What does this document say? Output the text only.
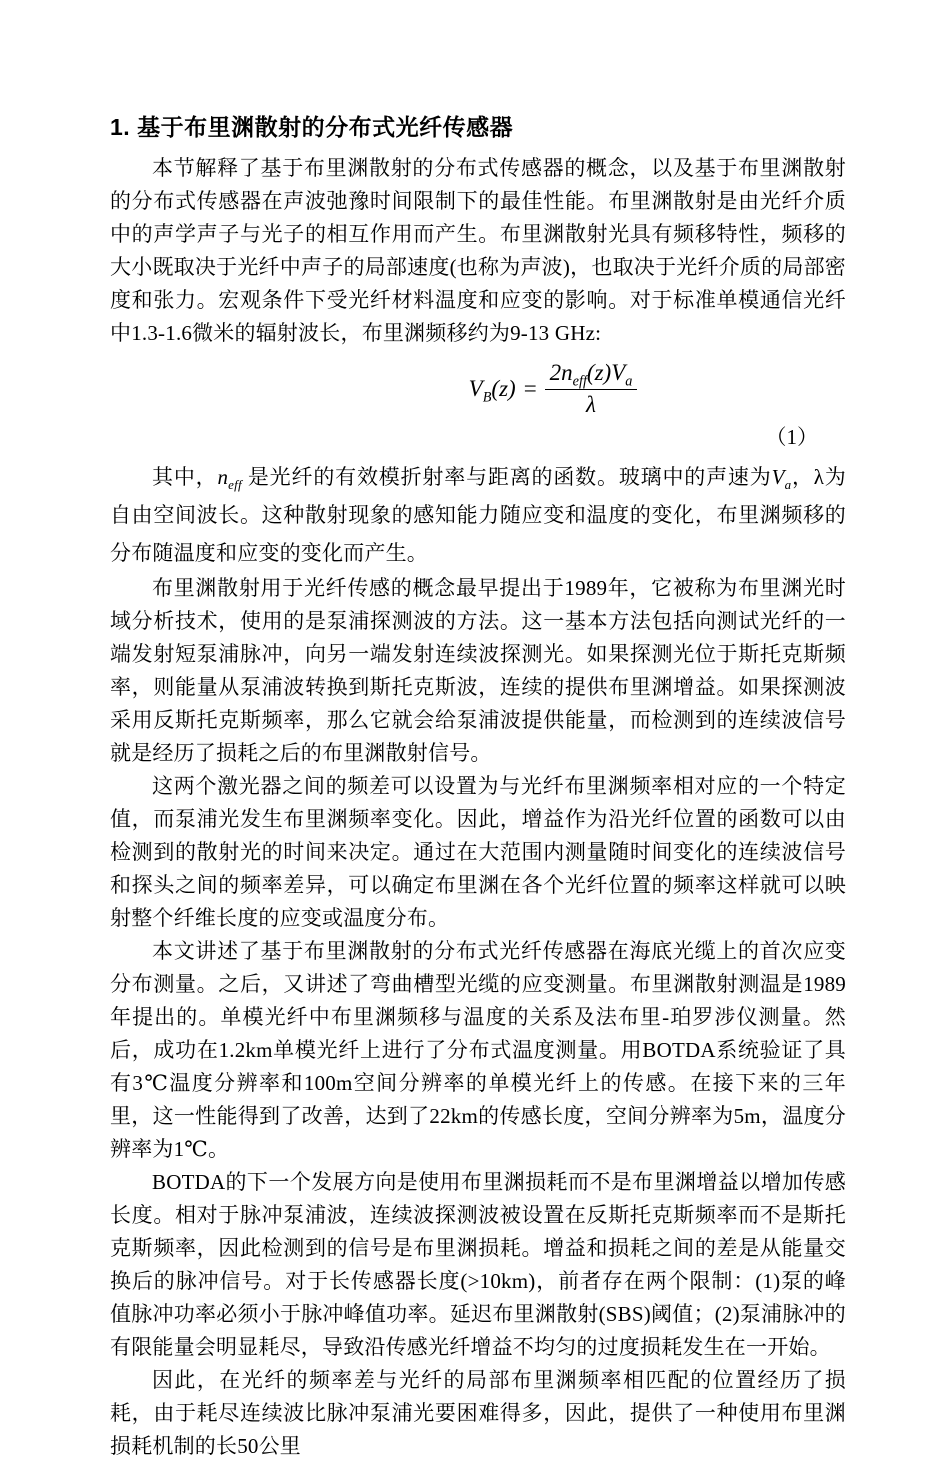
1. 基于布里渊散射的分布式光纤传感器

本节解释了基于布里渊散射的分布式传感器的概念，以及基于布里渊散射的分布式传感器在声波弛豫时间限制下的最佳性能。布里渊散射是由光纤介质中的声学声子与光子的相互作用而产生。布里渊散射光具有频移特性，频移的大小既取决于光纤中声子的局部速度(也称为声波)，也取决于光纤介质的局部密度和张力。宏观条件下受光纤材料温度和应变的影响。对于标准单模通信光纤中1.3-1.6微米的辐射波长，布里渊频移约为9-13 GHz:

$V_B(z) = \frac{2n_{eff}(z)V_a}{\lambda}$
（1）

其中，$n_{eff}$ 是光纤的有效模折射率与距离的函数。玻璃中的声速为$V_a$，λ为自由空间波长。这种散射现象的感知能力随应变和温度的变化，布里渊频移的分布随温度和应变的变化而产生。

布里渊散射用于光纤传感的概念最早提出于1989年，它被称为布里渊光时域分析技术，使用的是泵浦探测波的方法。这一基本方法包括向测试光纤的一端发射短泵浦脉冲，向另一端发射连续波探测光。如果探测光位于斯托克斯频率，则能量从泵浦波转换到斯托克斯波，连续的提供布里渊增益。如果探测波采用反斯托克斯频率，那么它就会给泵浦波提供能量，而检测到的连续波信号就是经历了损耗之后的布里渊散射信号。

这两个激光器之间的频差可以设置为与光纤布里渊频率相对应的一个特定值，而泵浦光发生布里渊频率变化。因此，增益作为沿光纤位置的函数可以由检测到的散射光的时间来决定。通过在大范围内测量随时间变化的连续波信号和探头之间的频率差异，可以确定布里渊在各个光纤位置的频率这样就可以映射整个纤维长度的应变或温度分布。

本文讲述了基于布里渊散射的分布式光纤传感器在海底光缆上的首次应变分布测量。之后，又讲述了弯曲槽型光缆的应变测量。布里渊散射测温是1989年提出的。单模光纤中布里渊频移与温度的关系及法布里-珀罗涉仪测量。然后，成功在1.2km单模光纤上进行了分布式温度测量。用BOTDA系统验证了具有3℃温度分辨率和100m空间分辨率的单模光纤上的传感。在接下来的三年里，这一性能得到了改善，达到了22km的传感长度，空间分辨率为5m，温度分辨率为1℃。

BOTDA的下一个发展方向是使用布里渊损耗而不是布里渊增益以增加传感长度。相对于脉冲泵浦波，连续波探测波被设置在反斯托克斯频率而不是斯托克斯频率，因此检测到的信号是布里渊损耗。增益和损耗之间的差是从能量交换后的脉冲信号。对于长传感器长度(>10km)，前者存在两个限制：(1)泵的峰值脉冲功率必须小于脉冲峰值功率。延迟布里渊散射(SBS)阈值；(2)泵浦脉冲的有限能量会明显耗尽，导致沿传感光纤增益不均匀的过度损耗发生在一开始。

因此，在光纤的频率差与光纤的局部布里渊频率相匹配的位置经历了损耗，由于耗尽连续波比脉冲泵浦光要困难得多，因此，提供了一种使用布里渊损耗机制的长50公里
